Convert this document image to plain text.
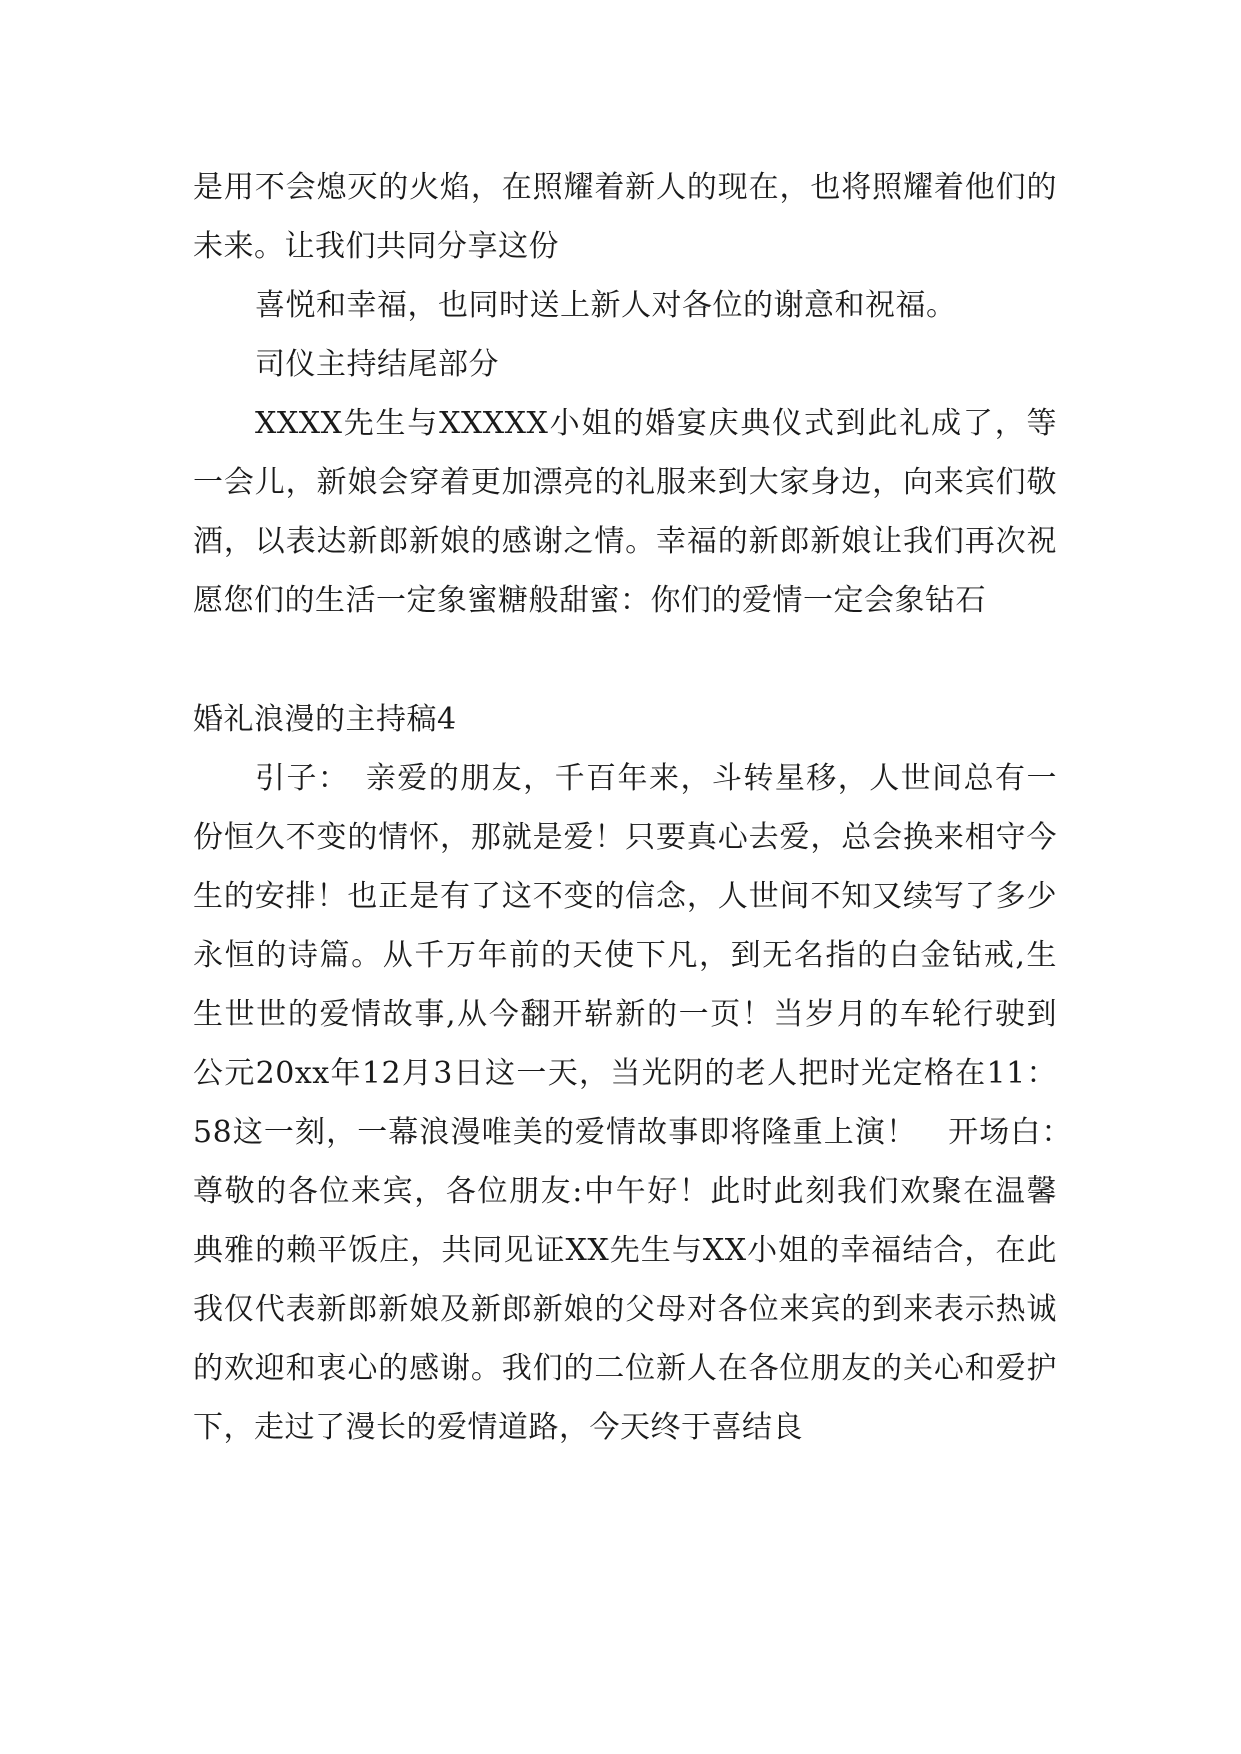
是用不会熄灭的火焰，在照耀着新人的现在，也将照耀着他们的未来。让我们共同分享这份

喜悦和幸福，也同时送上新人对各位的谢意和祝福。

司仪主持结尾部分

XXXX先生与XXXXX小姐的婚宴庆典仪式到此礼成了，等一会儿，新娘会穿着更加漂亮的礼服来到大家身边，向来宾们敬酒，以表达新郎新娘的感谢之情。幸福的新郎新娘让我们再次祝愿您们的生活一定象蜜糖般甜蜜：你们的爱情一定会象钻石

婚礼浪漫的主持稿4

引子：　亲爱的朋友，千百年来，斗转星移，人世间总有一份恒久不变的情怀，那就是爱！只要真心去爱，总会换来相守今生的安排！也正是有了这不变的信念，人世间不知又续写了多少永恒的诗篇。从千万年前的天使下凡，到无名指的白金钻戒,生生世世的爱情故事,从今翻开崭新的一页！当岁月的车轮行驶到公元20xx年12月3日这一天，当光阴的老人把时光定格在11：58这一刻，一幕浪漫唯美的爱情故事即将隆重上演！　开场白：　尊敬的各位来宾，各位朋友:中午好！此时此刻我们欢聚在温馨典雅的赖平饭庄，共同见证XX先生与XX小姐的幸福结合，在此我仅代表新郎新娘及新郎新娘的父母对各位来宾的到来表示热诚的欢迎和衷心的感谢。我们的二位新人在各位朋友的关心和爱护下，走过了漫长的爱情道路，今天终于喜结良
